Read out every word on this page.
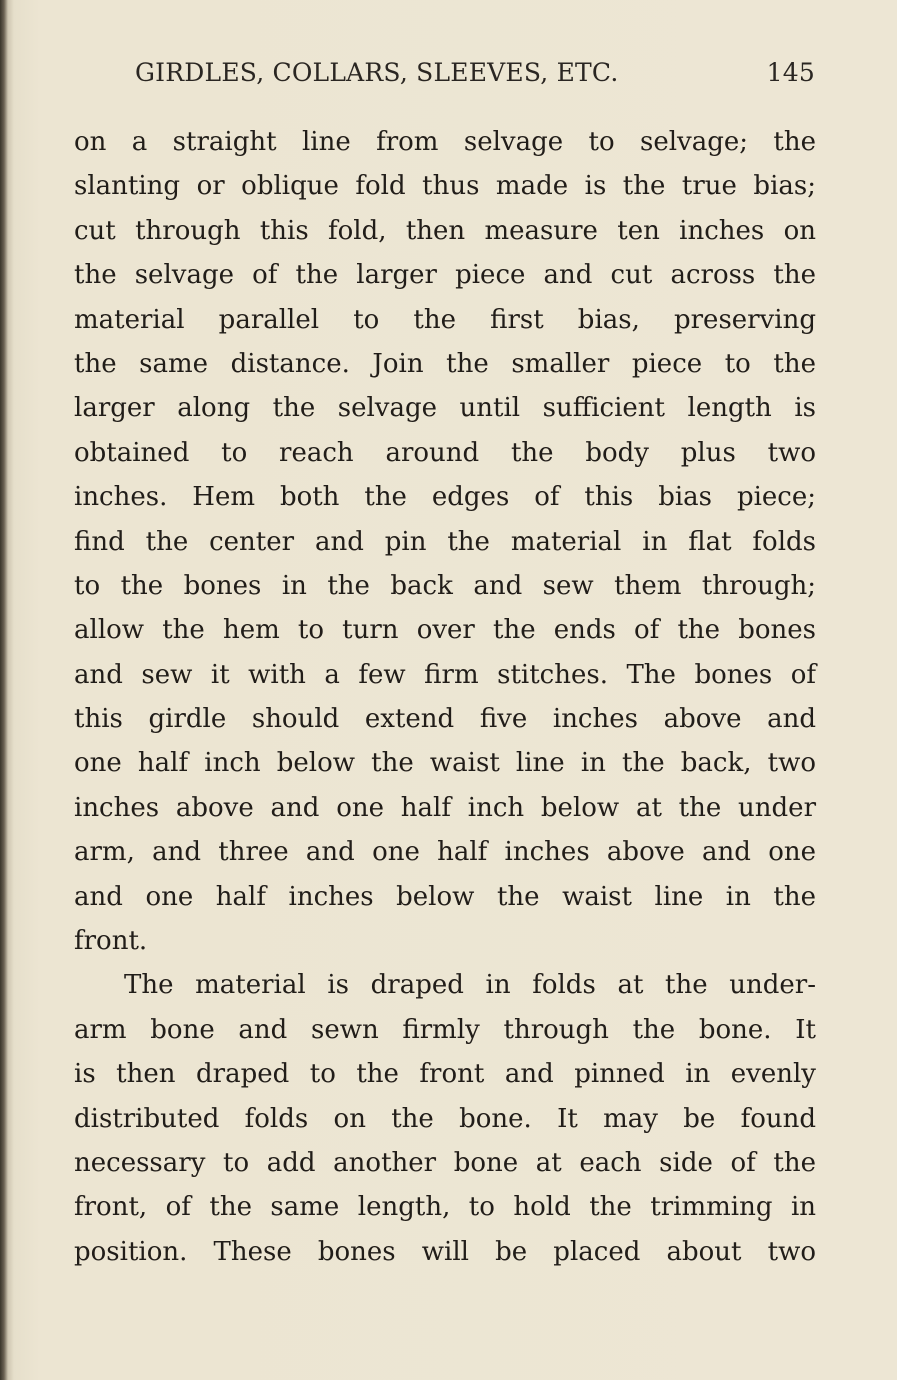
GIRDLES, COLLARS, SLEEVES, ETC.	145
on a straight line from selvage to selvage; the
slanting or oblique fold thus made is the true bias;
cut through this fold, then measure ten inches on
the selvage of the larger piece and cut across the
material parallel to the first bias, preserving
the same distance. Join the smaller piece to the
larger along the selvage until sufficient length is
obtained to reach around the body plus two
inches. Hem both the edges of this bias piece;
find the center and pin the material in flat folds
to the bones in the back and sew them through;
allow the hem to turn over the ends of the bones
and sew it with a few firm stitches. The bones of
this girdle should extend five inches above and
one half inch below the waist line in the back, two
inches above and one half inch below at the under
arm, and three and one half inches above and one
and one half inches below the waist line in the
front.
The material is draped in folds at the under-
arm bone and sewn firmly through the bone. It
is then draped to the front and pinned in evenly
distributed folds on the bone. It may be found
necessary to add another bone at each side of the
front, of the same length, to hold the trimming in
position. These bones will be placed about two
